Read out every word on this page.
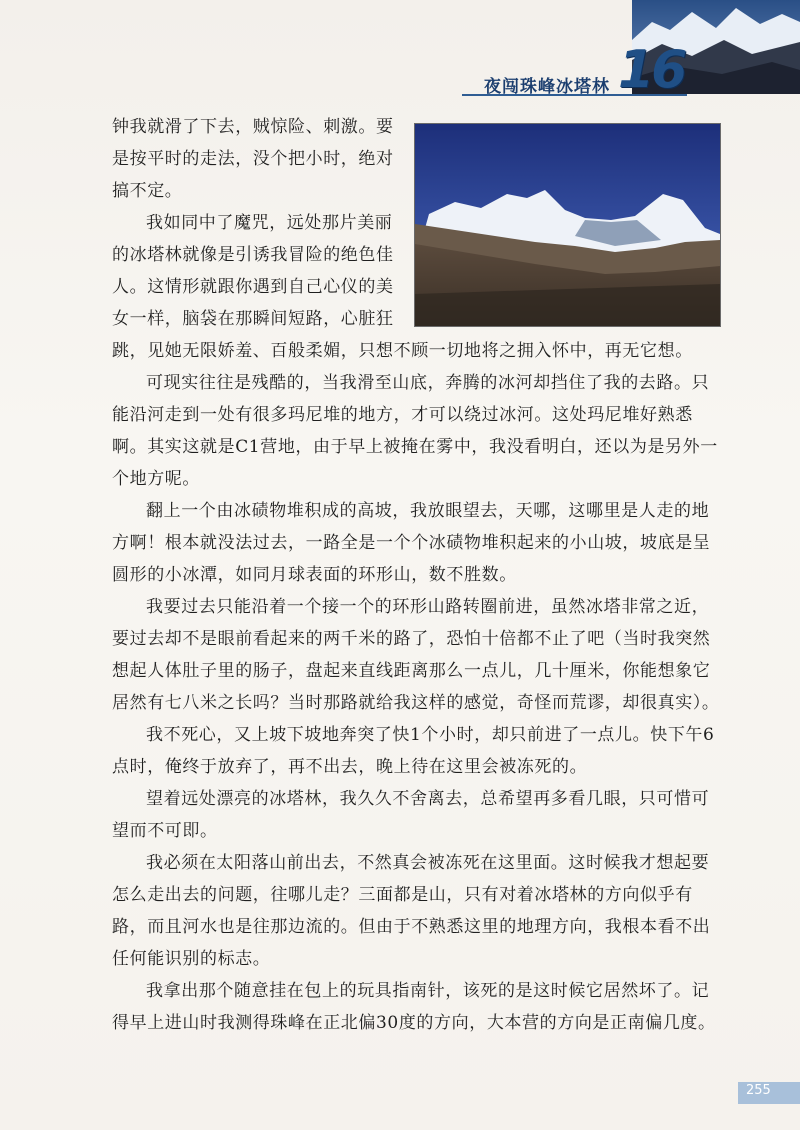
夜闯珠峰冰塔林 16

钟我就滑了下去，贼惊险、刺激。要是按平时的走法，没个把小时，绝对搞不定。

我如同中了魔咒，远处那片美丽的冰塔林就像是引诱我冒险的绝色佳人。这情形就跟你遇到自己心仪的美女一样，脑袋在那瞬间短路，心脏狂跳，见她无限娇羞、百般柔媚，只想不顾一切地将之拥入怀中，再无它想。

可现实往往是残酷的，当我滑至山底，奔腾的冰河却挡住了我的去路。只能沿河走到一处有很多玛尼堆的地方，才可以绕过冰河。这处玛尼堆好熟悉啊。其实这就是C1营地，由于早上被掩在雾中，我没看明白，还以为是另外一个地方呢。

翻上一个由冰碛物堆积成的高坡，我放眼望去，天哪，这哪里是人走的地方啊！根本就没法过去，一路全是一个个冰碛物堆积起来的小山坡，坡底是呈圆形的小冰潭，如同月球表面的环形山，数不胜数。

我要过去只能沿着一个接一个的环形山路转圈前进，虽然冰塔非常之近，要过去却不是眼前看起来的两千米的路了，恐怕十倍都不止了吧（当时我突然想起人体肚子里的肠子，盘起来直线距离那么一点儿，几十厘米，你能想象它居然有七八米之长吗？当时那路就给我这样的感觉，奇怪而荒谬，却很真实）。

我不死心，又上坡下坡地奔突了快1个小时，却只前进了一点儿。快下午6点时，俺终于放弃了，再不出去，晚上待在这里会被冻死的。

望着远处漂亮的冰塔林，我久久不舍离去，总希望再多看几眼，只可惜可望而不可即。

我必须在太阳落山前出去，不然真会被冻死在这里面。这时候我才想起要怎么走出去的问题，往哪儿走？三面都是山，只有对着冰塔林的方向似乎有路，而且河水也是往那边流的。但由于不熟悉这里的地理方向，我根本看不出任何能识别的标志。

我拿出那个随意挂在包上的玩具指南针，该死的是这时候它居然坏了。记得早上进山时我测得珠峰在正北偏30度的方向，大本营的方向是正南偏几度。

255
